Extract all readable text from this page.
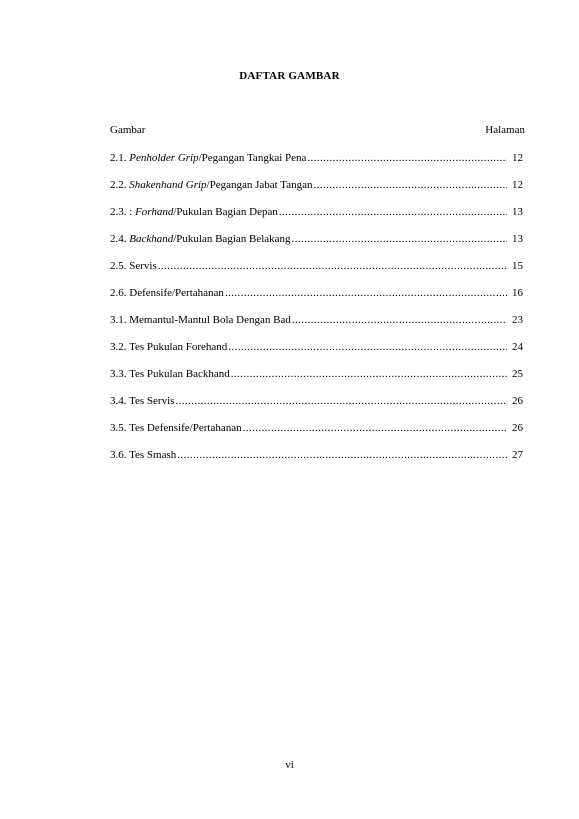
DAFTAR GAMBAR
Gambar	Halaman
2.1. Penholder Grip/Pegangan Tangkai Pena .....	12
2.2. Shakenhand Grip/Pegangan Jabat Tangan .....	12
2.3. : Forhand/Pukulan Bagian Depan .....	13
2.4. Backhand/Pukulan Bagian Belakang .....	13
2.5. Servis .....	15
2.6. Defensife/Pertahanan .....	16
3.1. Memantul-Mantul Bola Dengan Bad .....	23
3.2. Tes Pukulan Forehand .....	24
3.3. Tes Pukulan Backhand .....	25
3.4. Tes Servis .....	26
3.5. Tes Defensife/Pertahanan .....	26
3.6. Tes Smash .....	27
vi
